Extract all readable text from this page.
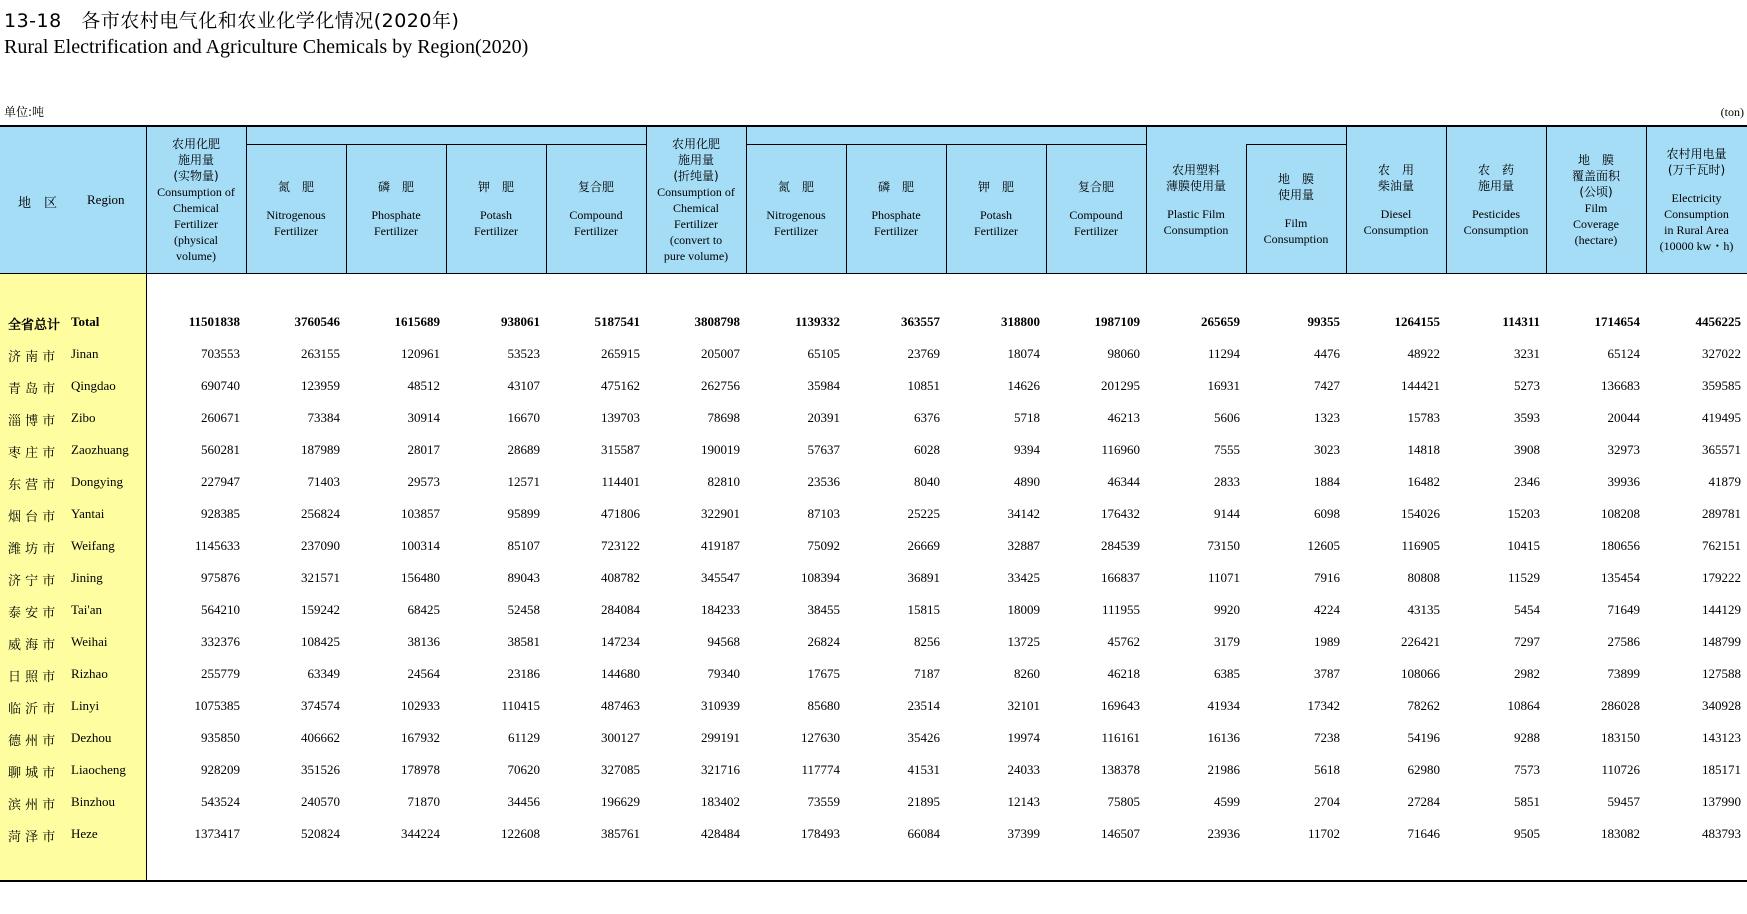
13-18　各市农村电气化和农业化学化情况(2020年)
Rural Electrification and Agriculture Chemicals by Region(2020)
单位:吨	(ton)
地　区 Region
农用化肥
施用量
(实物量)
Consumption of
Chemical
Fertilizer
(physical
volume)
氮　肥
Nitrogenous
Fertilizer
磷　肥
Phosphate
Fertilizer
钾　肥
Potash
Fertilizer
复合肥
Compound
Fertilizer
农用化肥
施用量
(折纯量)
Consumption of
Chemical
Fertilizer
(convert to
pure volume)
氮　肥
Nitrogenous
Fertilizer
磷　肥
Phosphate
Fertilizer
钾　肥
Potash
Fertilizer
复合肥
Compound
Fertilizer
农用塑料
薄膜使用量
Plastic Film
Consumption
地　膜
使用量
Film
Consumption
农　用
柴油量
Diesel
Consumption
农　药
施用量
Pesticides
Consumption
地　膜
覆盖面积
(公顷)
Film
Coverage
(hectare)
农村用电量
(万千瓦时)
Electricity
Consumption
in Rural Area
(10000 kw・h)
全省总计 Total	11501838	3760546	1615689	938061	5187541	3808798	1139332	363557	318800	1987109	265659	99355	1264155	114311	1714654	4456225
济 南 市 Jinan	703553	263155	120961	53523	265915	205007	65105	23769	18074	98060	11294	4476	48922	3231	65124	327022
青 岛 市 Qingdao	690740	123959	48512	43107	475162	262756	35984	10851	14626	201295	16931	7427	144421	5273	136683	359585
淄 博 市 Zibo	260671	73384	30914	16670	139703	78698	20391	6376	5718	46213	5606	1323	15783	3593	20044	419495
枣 庄 市 Zaozhuang	560281	187989	28017	28689	315587	190019	57637	6028	9394	116960	7555	3023	14818	3908	32973	365571
东 营 市 Dongying	227947	71403	29573	12571	114401	82810	23536	8040	4890	46344	2833	1884	16482	2346	39936	41879
烟 台 市 Yantai	928385	256824	103857	95899	471806	322901	87103	25225	34142	176432	9144	6098	154026	15203	108208	289781
潍 坊 市 Weifang	1145633	237090	100314	85107	723122	419187	75092	26669	32887	284539	73150	12605	116905	10415	180656	762151
济 宁 市 Jining	975876	321571	156480	89043	408782	345547	108394	36891	33425	166837	11071	7916	80808	11529	135454	179222
泰 安 市 Tai'an	564210	159242	68425	52458	284084	184233	38455	15815	18009	111955	9920	4224	43135	5454	71649	144129
威 海 市 Weihai	332376	108425	38136	38581	147234	94568	26824	8256	13725	45762	3179	1989	226421	7297	27586	148799
日 照 市 Rizhao	255779	63349	24564	23186	144680	79340	17675	7187	8260	46218	6385	3787	108066	2982	73899	127588
临 沂 市 Linyi	1075385	374574	102933	110415	487463	310939	85680	23514	32101	169643	41934	17342	78262	10864	286028	340928
德 州 市 Dezhou	935850	406662	167932	61129	300127	299191	127630	35426	19974	116161	16136	7238	54196	9288	183150	143123
聊 城 市 Liaocheng	928209	351526	178978	70620	327085	321716	117774	41531	24033	138378	21986	5618	62980	7573	110726	185171
滨 州 市 Binzhou	543524	240570	71870	34456	196629	183402	73559	21895	12143	75805	4599	2704	27284	5851	59457	137990
菏 泽 市 Heze	1373417	520824	344224	122608	385761	428484	178493	66084	37399	146507	23936	11702	71646	9505	183082	483793
